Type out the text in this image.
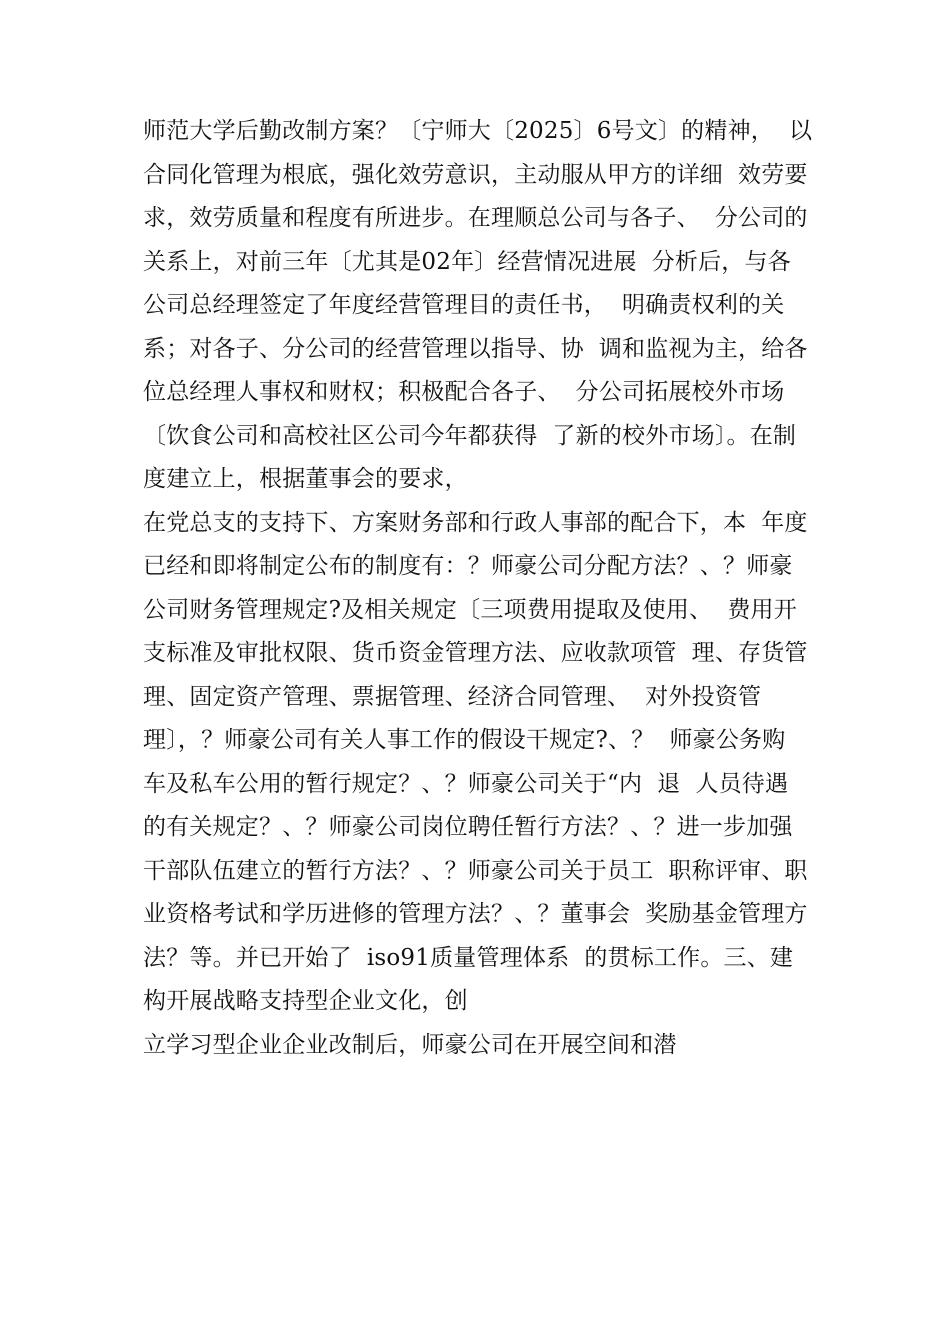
师范大学后勤改制方案？〔宁师大〔2025〕6号文〕的精神，  以
合同化管理为根底，强化效劳意识，主动服从甲方的详细  效劳要
求，效劳质量和程度有所进步。在理顺总公司与各子、  分公司的
关系上，对前三年〔尤其是02年〕经营情况进展  分析后，与各
公司总经理签定了年度经营管理目的责任书，  明确责权利的关
系；对各子、分公司的经营管理以指导、协  调和监视为主，给各
位总经理人事权和财权；积极配合各子、  分公司拓展校外市场
〔饮食公司和高校社区公司今年都获得  了新的校外市场〕。在制
度建立上，根据董事会的要求，
在党总支的支持下、方案财务部和行政人事部的配合下，本  年度
已经和即将制定公布的制度有：？师豪公司分配方法？、？师豪
公司财务管理规定?及相关规定〔三项费用提取及使用、  费用开
支标准及审批权限、货币资金管理方法、应收款项管  理、存货管
理、固定资产管理、票据管理、经济合同管理、  对外投资管
理〕，？师豪公司有关人事工作的假设干规定?、？  师豪公务购
车及私车公用的暂行规定？、？师豪公司关于“内  退  人员待遇
的有关规定？、？师豪公司岗位聘任暂行方法？、？进一步加强
干部队伍建立的暂行方法？、？师豪公司关于员工  职称评审、职
业资格考试和学历进修的管理方法？、？董事会  奖励基金管理方
法？等。并已开始了  iso91质量管理体系  的贯标工作。三、建
构开展战略支持型企业文化，创
立学习型企业企业改制后，师豪公司在开展空间和潜
